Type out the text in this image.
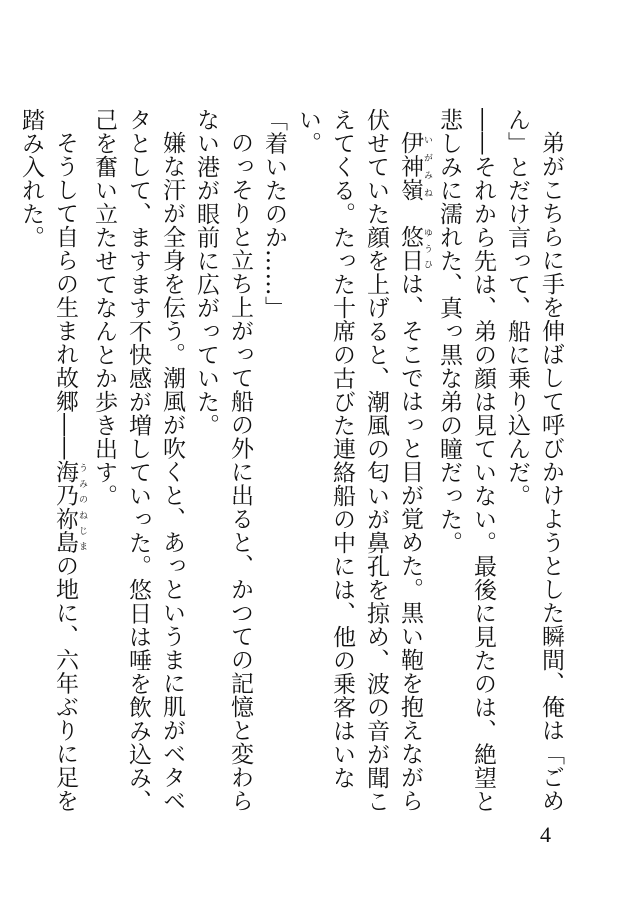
弟がこちらに手を伸ばして呼びかけようとした瞬間、俺は「ごめん」とだけ言って、船に乗り込んだ。

――それから先は、弟の顔は見ていない。最後に見たのは、絶望と悲しみに濡れた、真っ黒な弟の瞳だった。

伊神嶺 いがみね　悠日 ゆうひは、そこではっと目が覚めた。黒い鞄を抱えながら伏せていた顔を上げると、潮風の匂いが鼻孔を掠め、波の音が聞こえてくる。たった十席の古びた連絡船の中には、他の乗客はいない。

「着いたのか……」

のっそりと立ち上がって船の外に出ると、かつての記憶と変わらない港が眼前に広がっていた。

嫌な汗が全身を伝う。潮風が吹くと、あっというまに肌がベタベタとして、ますます不快感が増していった。悠日は唾を飲み込み、己を奮い立たせてなんとか歩き出す。

そうして自らの生まれ故郷――海乃祢島 うみのねじまの地に、六年ぶりに足を踏み入れた。

4
